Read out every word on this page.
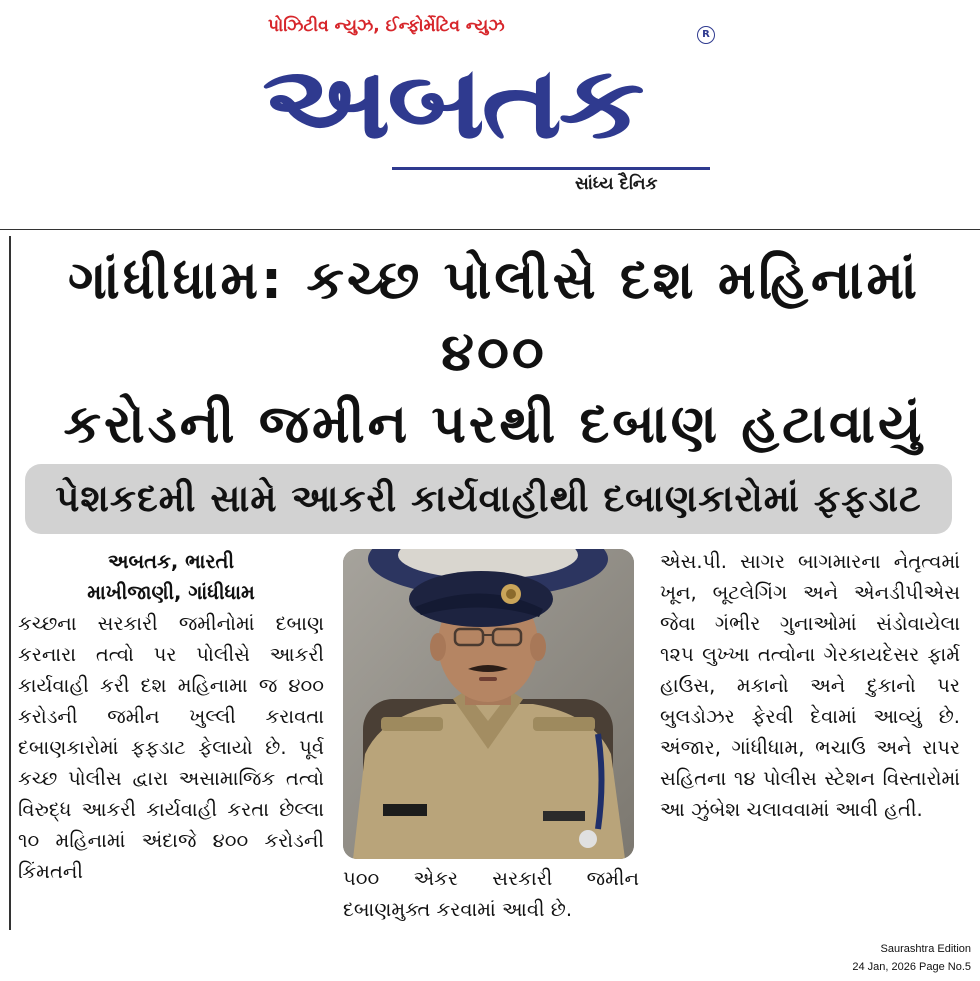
પોઝિટીવ ન્યુઝ, ઈન્ફોર્મેટિવ ન્યુઝ	R
અબતક
સાંધ્ય દૈનિક
ગાંધીધામ: કચ્છ પોલીસે દશ મહિનામાં ૪૦૦
કરોડની જમીન પરથી દબાણ હટાવાયું
પેશકદમી સામે આકરી કાર્યવાહીથી દબાણકારોમાં ફફડાટ
અબતક, ભારતી
માખીજાણી, ગાંધીધામ
કચ્છના સરકારી જમીનોમાં દબાણ કરનારા તત્વો પર પોલીસે આકરી કાર્યવાહી કરી દશ મહિનામા જ ૪૦૦ કરોડની જમીન ખુલ્લી કરાવતા દબાણકારોમાં ફફડાટ ફેલાયો છે. પૂર્વ કચ્છ પોલીસ દ્વારા અસામાજિક તત્વો વિરુદ્ધ આકરી કાર્યવાહી કરતા છેલ્લા ૧૦ મહિનામાં અંદાજે ૪૦૦ કરોડની કિંમતની	૫૦૦ એકર સરકારી જમીન દબાણમુક્ત કરવામાં આવી છે.
એસ.પી. સાગર બાગમારના નેતૃત્વમાં ખૂન, બૂટલેગિંગ અને એનડીપીએસ જેવા ગંભીર ગુનાઓમાં સંડોવાયેલા ૧૨૫ લુખ્ખા તત્વોના ગેરકાયદેસર ફાર્મ હાઉસ, મકાનો અને દુકાનો પર બુલડોઝર ફેરવી દેવામાં આવ્યું છે. અંજાર, ગાંધીધામ, ભચાઉ અને રાપર સહિતના ૧૪ પોલીસ સ્ટેશન વિસ્તારોમાં આ ઝુંબેશ ચલાવવામાં આવી હતી.
Saurashtra Edition
24 Jan, 2026 Page No.5
